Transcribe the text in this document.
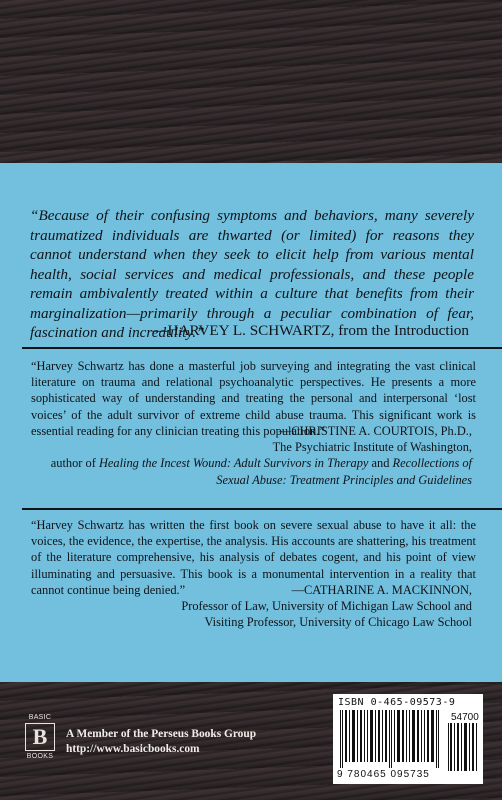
“Because of their confusing symptoms and behaviors, many severely traumatized individuals are thwarted (or limited) for reasons they cannot understand when they seek to elicit help from various mental health, social services and medical professionals, and these people remain ambivalently treated within a culture that benefits from their marginalization—primarily through a peculiar combination of fear, fascination and incredulity.”
—HARVEY L. SCHWARTZ, from the Introduction
“Harvey Schwartz has done a masterful job surveying and integrating the vast clinical literature on trauma and relational psychoanalytic perspectives. He presents a more sophisticated way of understanding and treating the personal and interpersonal ‘lost voices’ of the adult survivor of extreme child abuse trauma. This significant work is essential reading for any clinician treating this population.”
—CHRISTINE A. COURTOIS, Ph.D.,
The Psychiatric Institute of Washington,
author of Healing the Incest Wound: Adult Survivors in Therapy and Recollections of
Sexual Abuse: Treatment Principles and Guidelines
“Harvey Schwartz has written the first book on severe sexual abuse to have it all: the voices, the evidence, the expertise, the analysis. His accounts are shattering, his treatment of the literature comprehensive, his analysis of debates cogent, and his point of view illuminating and persuasive. This book is a monumental intervention in a reality that cannot continue being denied.”	—CATHARINE A. MACKINNON,
Professor of Law, University of Michigan Law School and
Visiting Professor, University of Chicago Law School
BASIC
B
BOOKS
A Member of the Perseus Books Group
http://www.basicbooks.com
ISBN 0-465-09573-9
54700
9 780465 095735
